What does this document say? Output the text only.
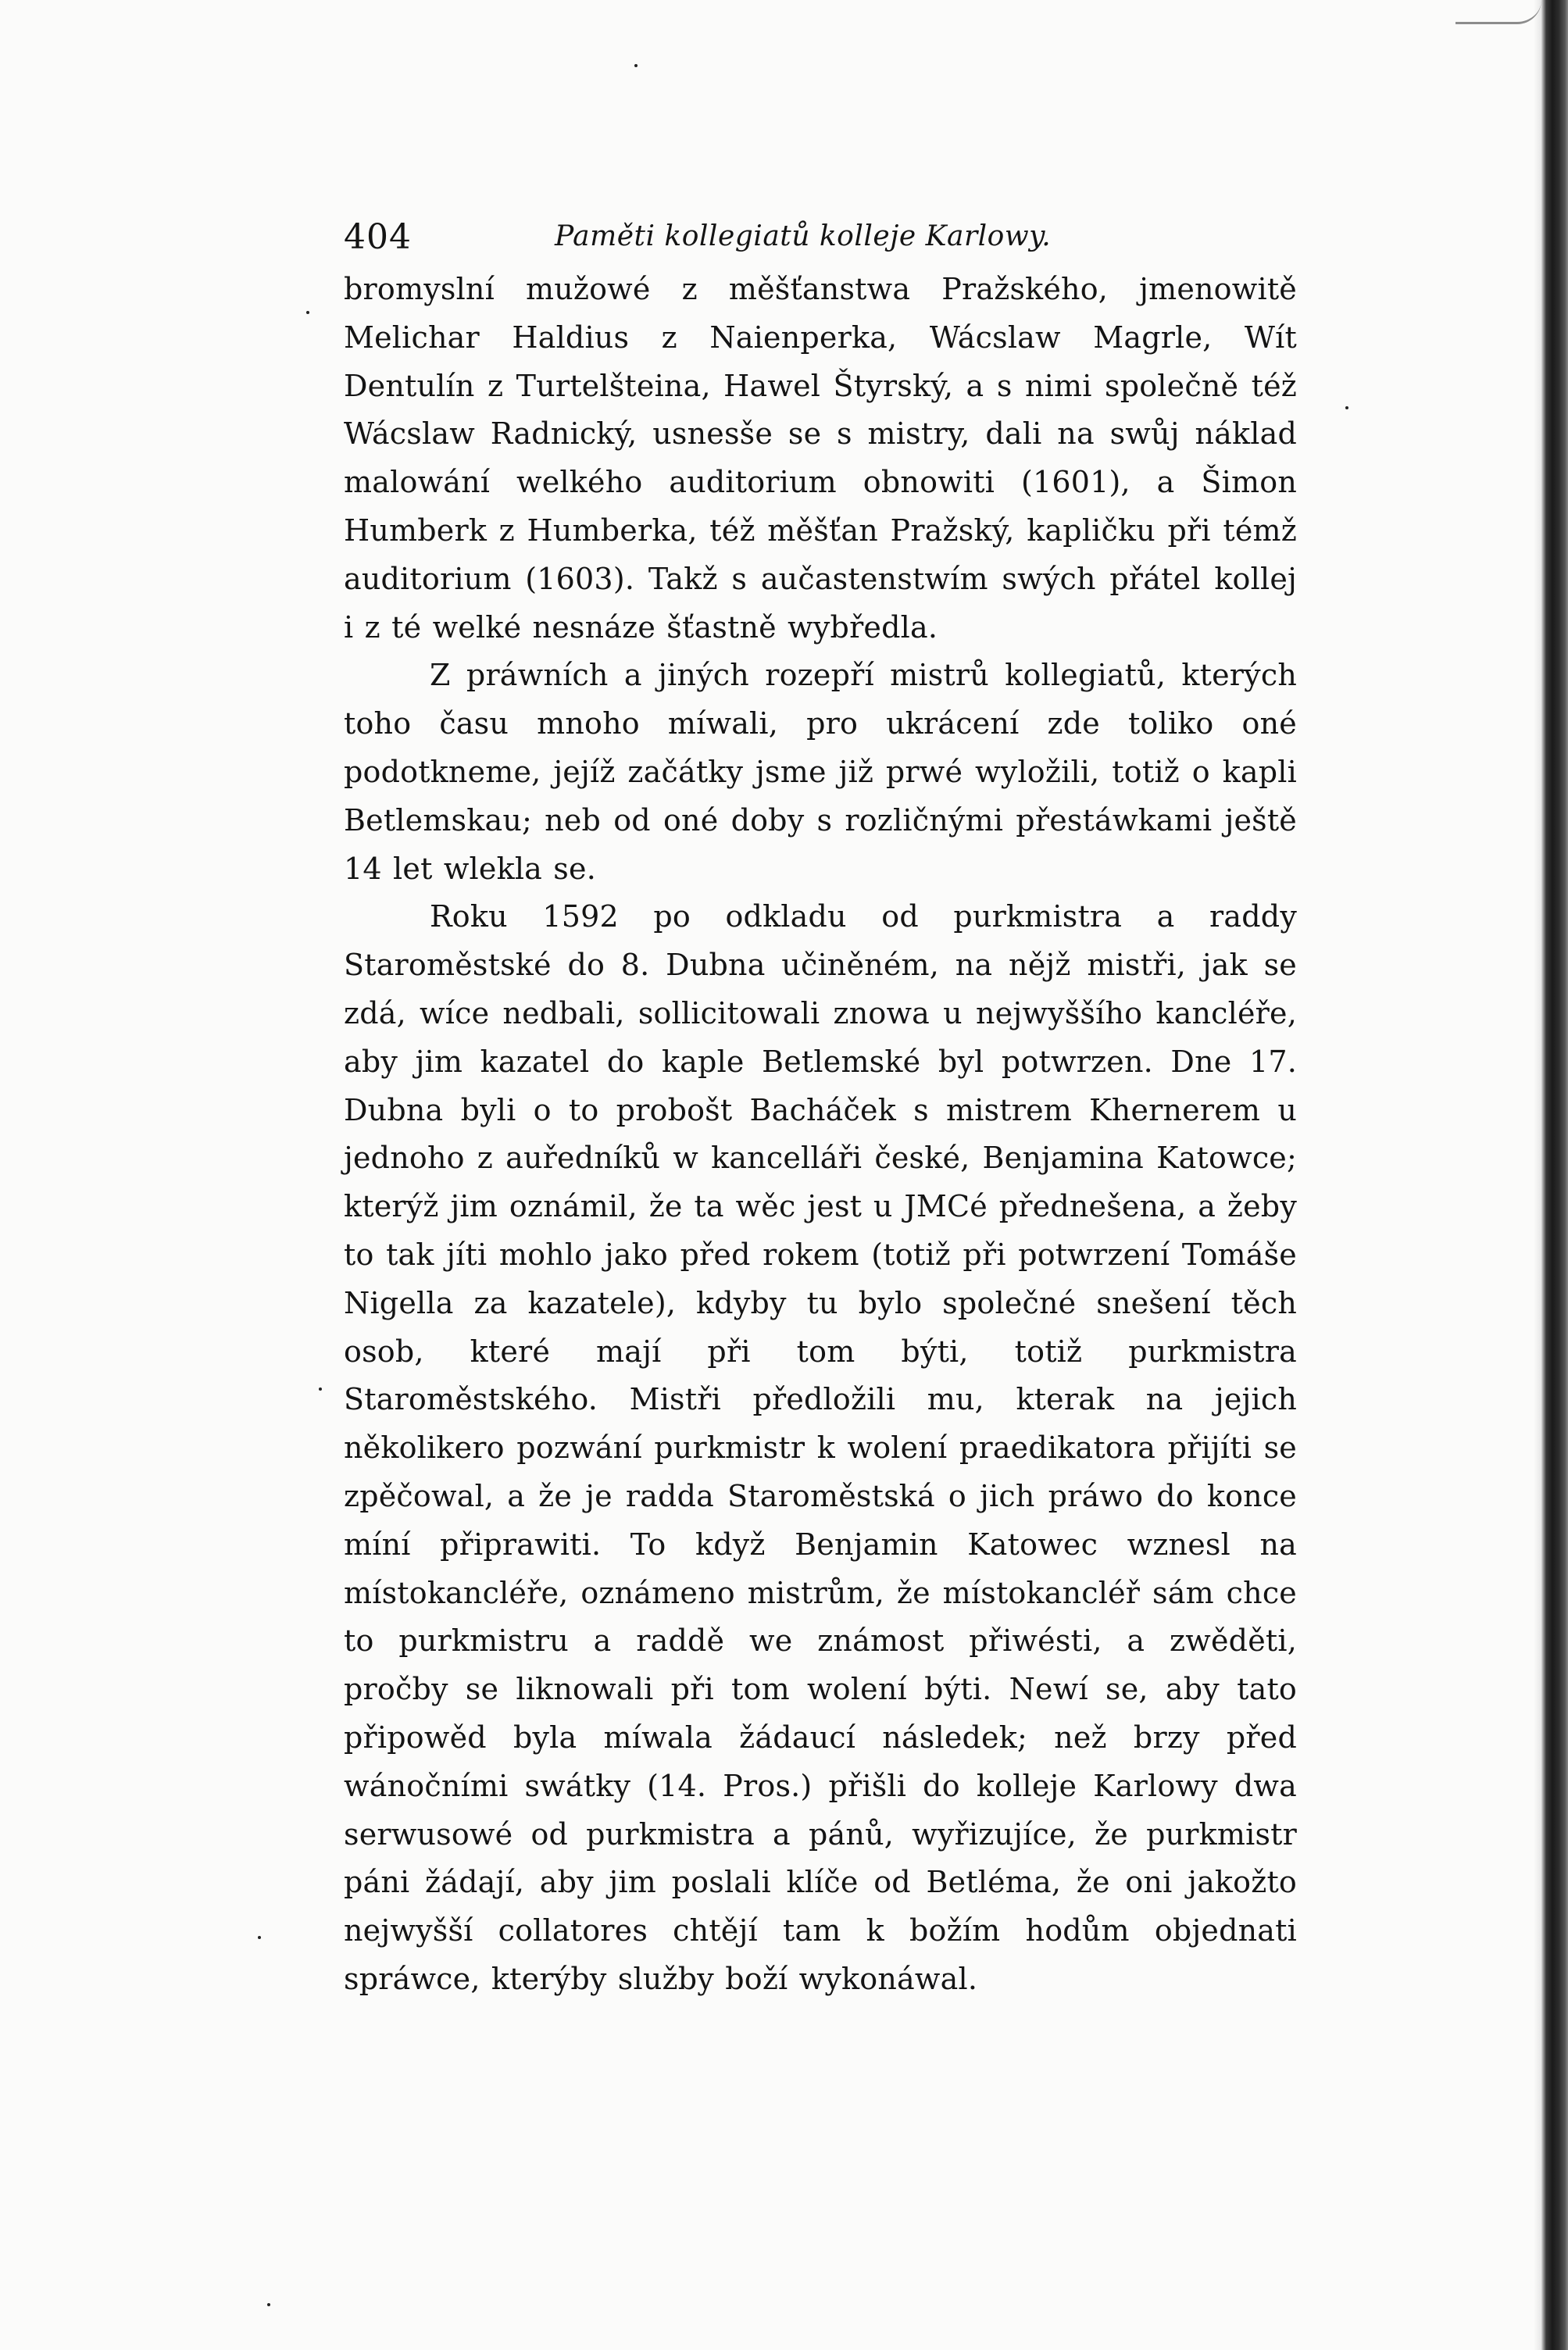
404	Paměti kollegiatů kolleje Karlowy.

bromyslní mužowé z měšťanstwa Pražského, jmenowitě Melichar Haldius z Naienperka, Wácslaw Magrle, Wít Dentulín z Turtelšteina, Hawel Štyrský, a s nimi společně též Wácslaw Radnický, usnesše se s mistry, dali na swůj náklad malowání welkého auditorium obnowiti (1601), a Šimon Humberk z Humberka, též měšťan Pražský, kapličku při témž auditorium (1603). Takž s aučastenstwím swých přátel kollej i z té welké nesnáze šťastně wybředla.

Z práwních a jiných rozepří mistrů kollegiatů, kterých toho času mnoho míwali, pro ukrácení zde toliko oné podotkneme, jejíž začátky jsme již prwé wyložili, totiž o kapli Betlemskau; neb od oné doby s rozličnými přestáwkami ještě 14 let wlekla se.

Roku 1592 po odkladu od purkmistra a raddy Staroměstské do 8. Dubna učiněném, na nějž mistři, jak se zdá, wíce nedbali, sollicitowali znowa u nejwyššího kancléře, aby jim kazatel do kaple Betlemské byl potwrzen. Dne 17. Dubna byli o to probošt Bacháček s mistrem Khernerem u jednoho z auředníků w kancelláři české, Benjamina Katowce; kterýž jim oznámil, že ta wěc jest u JMCé přednešena, a žeby to tak jíti mohlo jako před rokem (totiž při potwrzení Tomáše Nigella za kazatele), kdyby tu bylo společné snešení těch osob, které mají při tom býti, totiž purkmistra Staroměstského. Mistři předložili mu, kterak na jejich několikero pozwání purkmistr k wolení praedikatora přijíti se zpěčowal, a že je radda Staroměstská o jich práwo do konce míní připrawiti. To když Benjamin Katowec wznesl na místokancléře, oznámeno mistrům, že místokancléř sám chce to purkmistru a raddě we známost přiwésti, a zwěděti, pročby se liknowali při tom wolení býti. Newí se, aby tato připowěd byla míwala žádaucí následek; než brzy před wánočními swátky (14. Pros.) přišli do kolleje Karlowy dwa serwusowé od purkmistra a pánů, wyřizujíce, že purkmistr páni žádají, aby jim poslali klíče od Betléma, že oni jakožto nejwyšší collatores chtějí tam k božím hodům objednati spráwce, kterýby služby boží wykonáwal.
